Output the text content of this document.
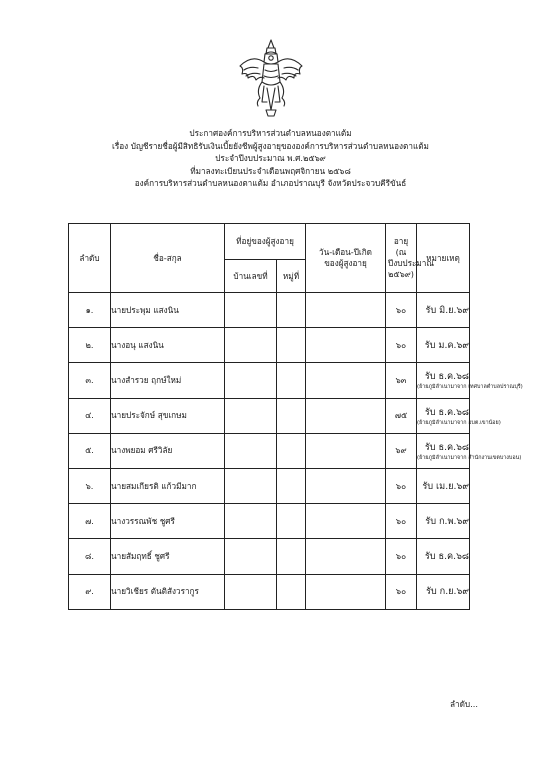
ประกาศองค์การบริหารส่วนตำบลหนองตาแต้ม
เรื่อง บัญชีรายชื่อผู้มีสิทธิรับเงินเบี้ยยังชีพผู้สูงอายุขององค์การบริหารส่วนตำบลหนองตาแต้ม
ประจำปีงบประมาณ พ.ศ.๒๕๖๙
ที่มาลงทะเบียนประจำเดือนพฤศจิกายน ๒๕๖๘
องค์การบริหารส่วนตำบลหนองตาแต้ม อำเภอปราณบุรี จังหวัดประจวบคีรีขันธ์
ลำดับ	ชื่อ-สกุล	ที่อยู่ของผู้สูงอายุ		วัน-เดือน-ปีเกิดของผู้สูงอายุ	อายุ
(ณ ปีงบประมาณ ๒๕๖๙)	หมายเหตุ
		บ้านเลขที่	หมู่ที่			
๑.	นายประพุม แสงนิน				๖๐	รับ มิ.ย.๖๙

๒.	นางอนุ แสงนิน				๖๐	รับ ม.ค.๖๙

๓.	นางสำรวย ฤกษ์ใหม่				๖๓	รับ ธ.ค.๖๘
(ย้ายภูมิลำเนามาจาก เทศบาลตำบลปราณบุรี)

๔.	นายประจักษ์ สุขเกษม				๗๕	รับ ธ.ค.๖๘
(ย้ายภูมิลำเนามาจาก อบต.เขาน้อย)

๕.	นางพยอม ศรีวิลัย				๖๙	รับ ธ.ค.๖๘
(ย้ายภูมิลำเนามาจาก สำนักงานเขตบางบอน)

๖.	นายสมเกียรติ แก้วมีมาก				๖๐	รับ เม.ย.๖๙

๗.	นางวรรณพัช ชูศรี				๖๐	รับ ก.พ.๖๙

๘.	นายสัมฤทธิ์ ชูศรี				๖๐	รับ ธ.ค.๖๘

๙.	นายวิเชียร ตันติสังวรากูร				๖๐	รับ ก.ย.๖๙
ลำดับ...
